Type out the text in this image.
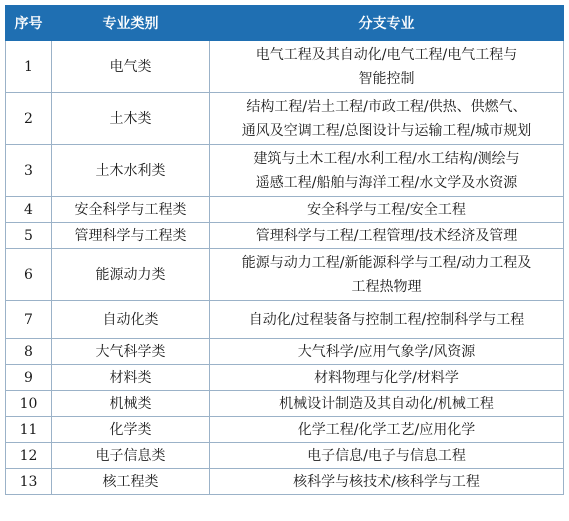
序号	专业类别	分支专业
1	电气类	电气工程及其自动化/电气工程/电气工程与
智能控制

2	土木类	结构工程/岩土工程/市政工程/供热、供燃气、
通风及空调工程/总图设计与运输工程/城市规划

3	土木水利类	建筑与土木工程/水利工程/水工结构/测绘与
遥感工程/船舶与海洋工程/水文学及水资源

4	安全科学与工程类	安全科学与工程/安全工程

5	管理科学与工程类	管理科学与工程/工程管理/技术经济及管理

6	能源动力类	能源与动力工程/新能源科学与工程/动力工程及
工程热物理

7	自动化类	自动化/过程装备与控制工程/控制科学与工程

8	大气科学类	大气科学/应用气象学/风资源

9	材料类	材料物理与化学/材料学

10	机械类	机械设计制造及其自动化/机械工程

11	化学类	化学工程/化学工艺/应用化学

12	电子信息类	电子信息/电子与信息工程

13	核工程类	核科学与核技术/核科学与工程
